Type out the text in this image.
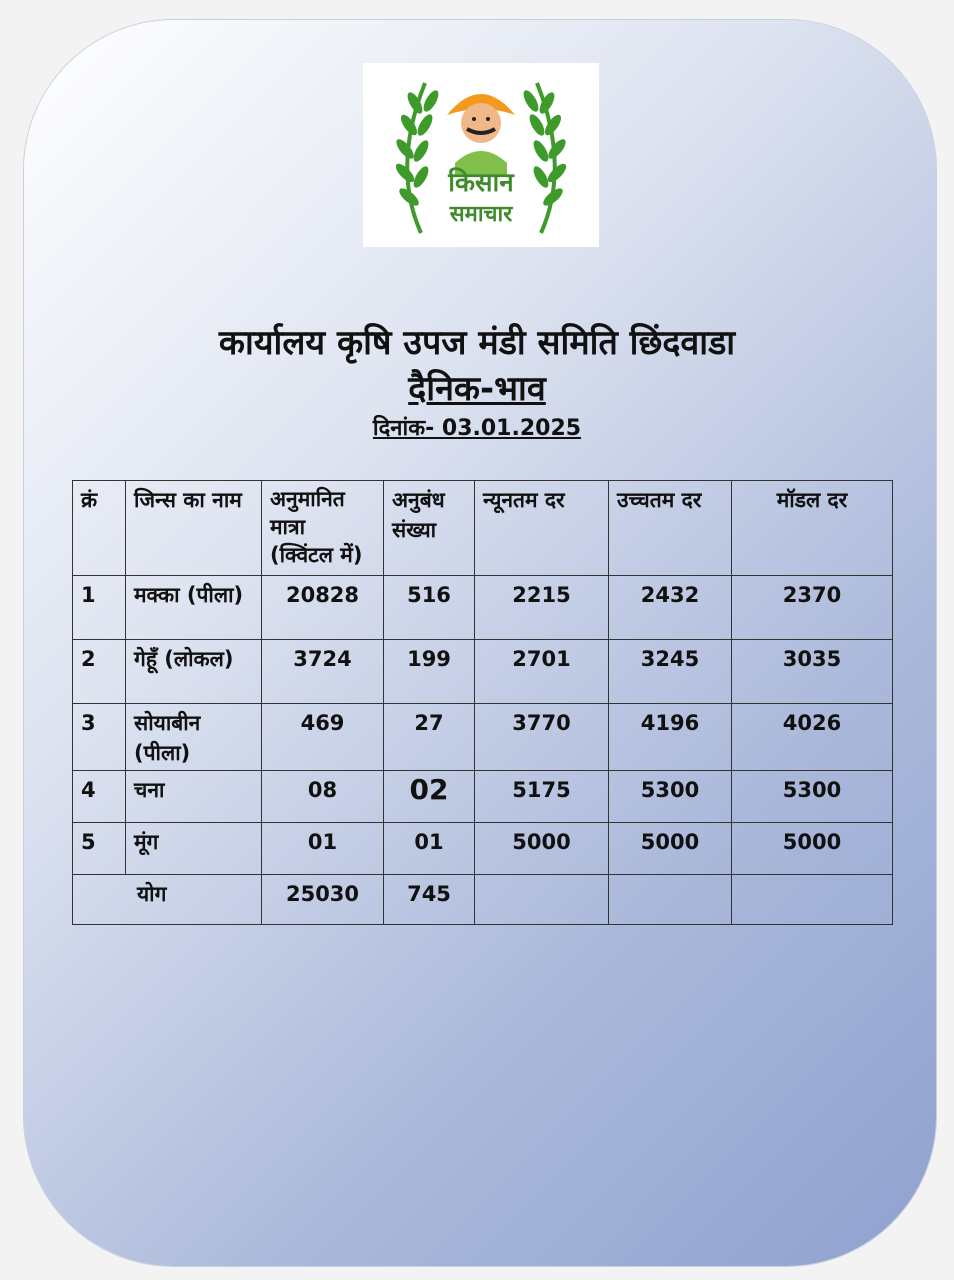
किसान
समाचार
कार्यालय कृषि उपज मंडी समिति छिंदवाडा
दैनिक-भाव
दिनांक- 03.01.2025
क्रं	जिन्स का नाम	अनुमानित मात्रा (क्विंटल में)	अनुबंध संख्या	न्यूनतम दर	उच्चतम दर	मॉडल दर
1	मक्का (पीला)	20828	516	2215	2432	2370
2	गेहूँ (लोकल)	3724	199	2701	3245	3035
3	सोयाबीन (पीला)	469	27	3770	4196	4026
4	चना	08	02	5175	5300	5300
5	मूंग	01	01	5000	5000	5000
योग		25030	745			
